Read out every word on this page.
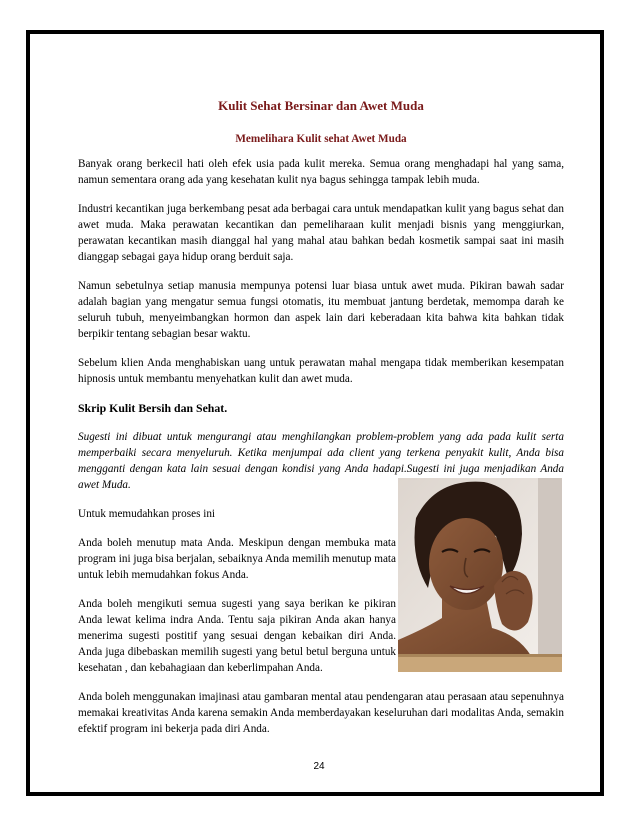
Kulit Sehat Bersinar dan Awet Muda
Memelihara Kulit sehat Awet Muda

Banyak orang berkecil hati oleh efek usia pada kulit mereka. Semua orang menghadapi hal yang sama, namun sementara orang ada yang kesehatan kulit nya bagus sehingga tampak lebih muda.

Industri kecantikan juga berkembang pesat ada berbagai cara untuk mendapatkan kulit yang bagus sehat dan awet muda. Maka perawatan kecantikan dan pemeliharaan kulit menjadi bisnis yang menggiurkan, perawatan kecantikan masih dianggal hal yang mahal atau bahkan bedah kosmetik sampai saat ini masih dianggap sebagai gaya hidup orang berduit saja.

Namun sebetulnya setiap manusia mempunya potensi luar biasa untuk awet muda. Pikiran bawah sadar adalah bagian yang mengatur semua fungsi otomatis, itu membuat jantung berdetak, memompa darah ke seluruh tubuh, menyeimbangkan hormon dan aspek lain dari keberadaan kita bahwa kita bahkan tidak berpikir tentang sebagian besar waktu.

Sebelum klien Anda menghabiskan uang untuk perawatan mahal mengapa tidak memberikan kesempatan hipnosis untuk membantu menyehatkan kulit dan awet muda.

Skrip Kulit Bersih dan Sehat.

Sugesti ini dibuat untuk mengurangi atau menghilangkan problem-problem yang ada pada kulit serta memperbaiki secara menyeluruh. Ketika menjumpai ada client yang terkena penyakit kulit, Anda bisa mengganti dengan kata lain sesuai dengan kondisi yang Anda hadapi.Sugesti ini juga menjadikan Anda awet Muda.

Untuk memudahkan proses ini

Anda boleh menutup mata Anda. Meskipun dengan membuka mata program ini juga bisa berjalan, sebaiknya Anda memilih menutup mata untuk lebih memudahkan fokus Anda.

Anda boleh mengikuti semua sugesti yang saya berikan ke pikiran Anda lewat kelima indra Anda. Tentu saja pikiran Anda akan hanya menerima sugesti postitif yang sesuai dengan kebaikan diri Anda. Anda juga dibebaskan memilih sugesti yang betul betul berguna untuk kesehatan , dan kebahagiaan dan keberlimpahan Anda.

Anda boleh menggunakan imajinasi atau gambaran mental atau pendengaran atau perasaan atau sepenuhnya memakai kreativitas Anda karena semakin Anda memberdayakan keseluruhan dari modalitas Anda, semakin efektif program ini bekerja pada diri Anda.

24
